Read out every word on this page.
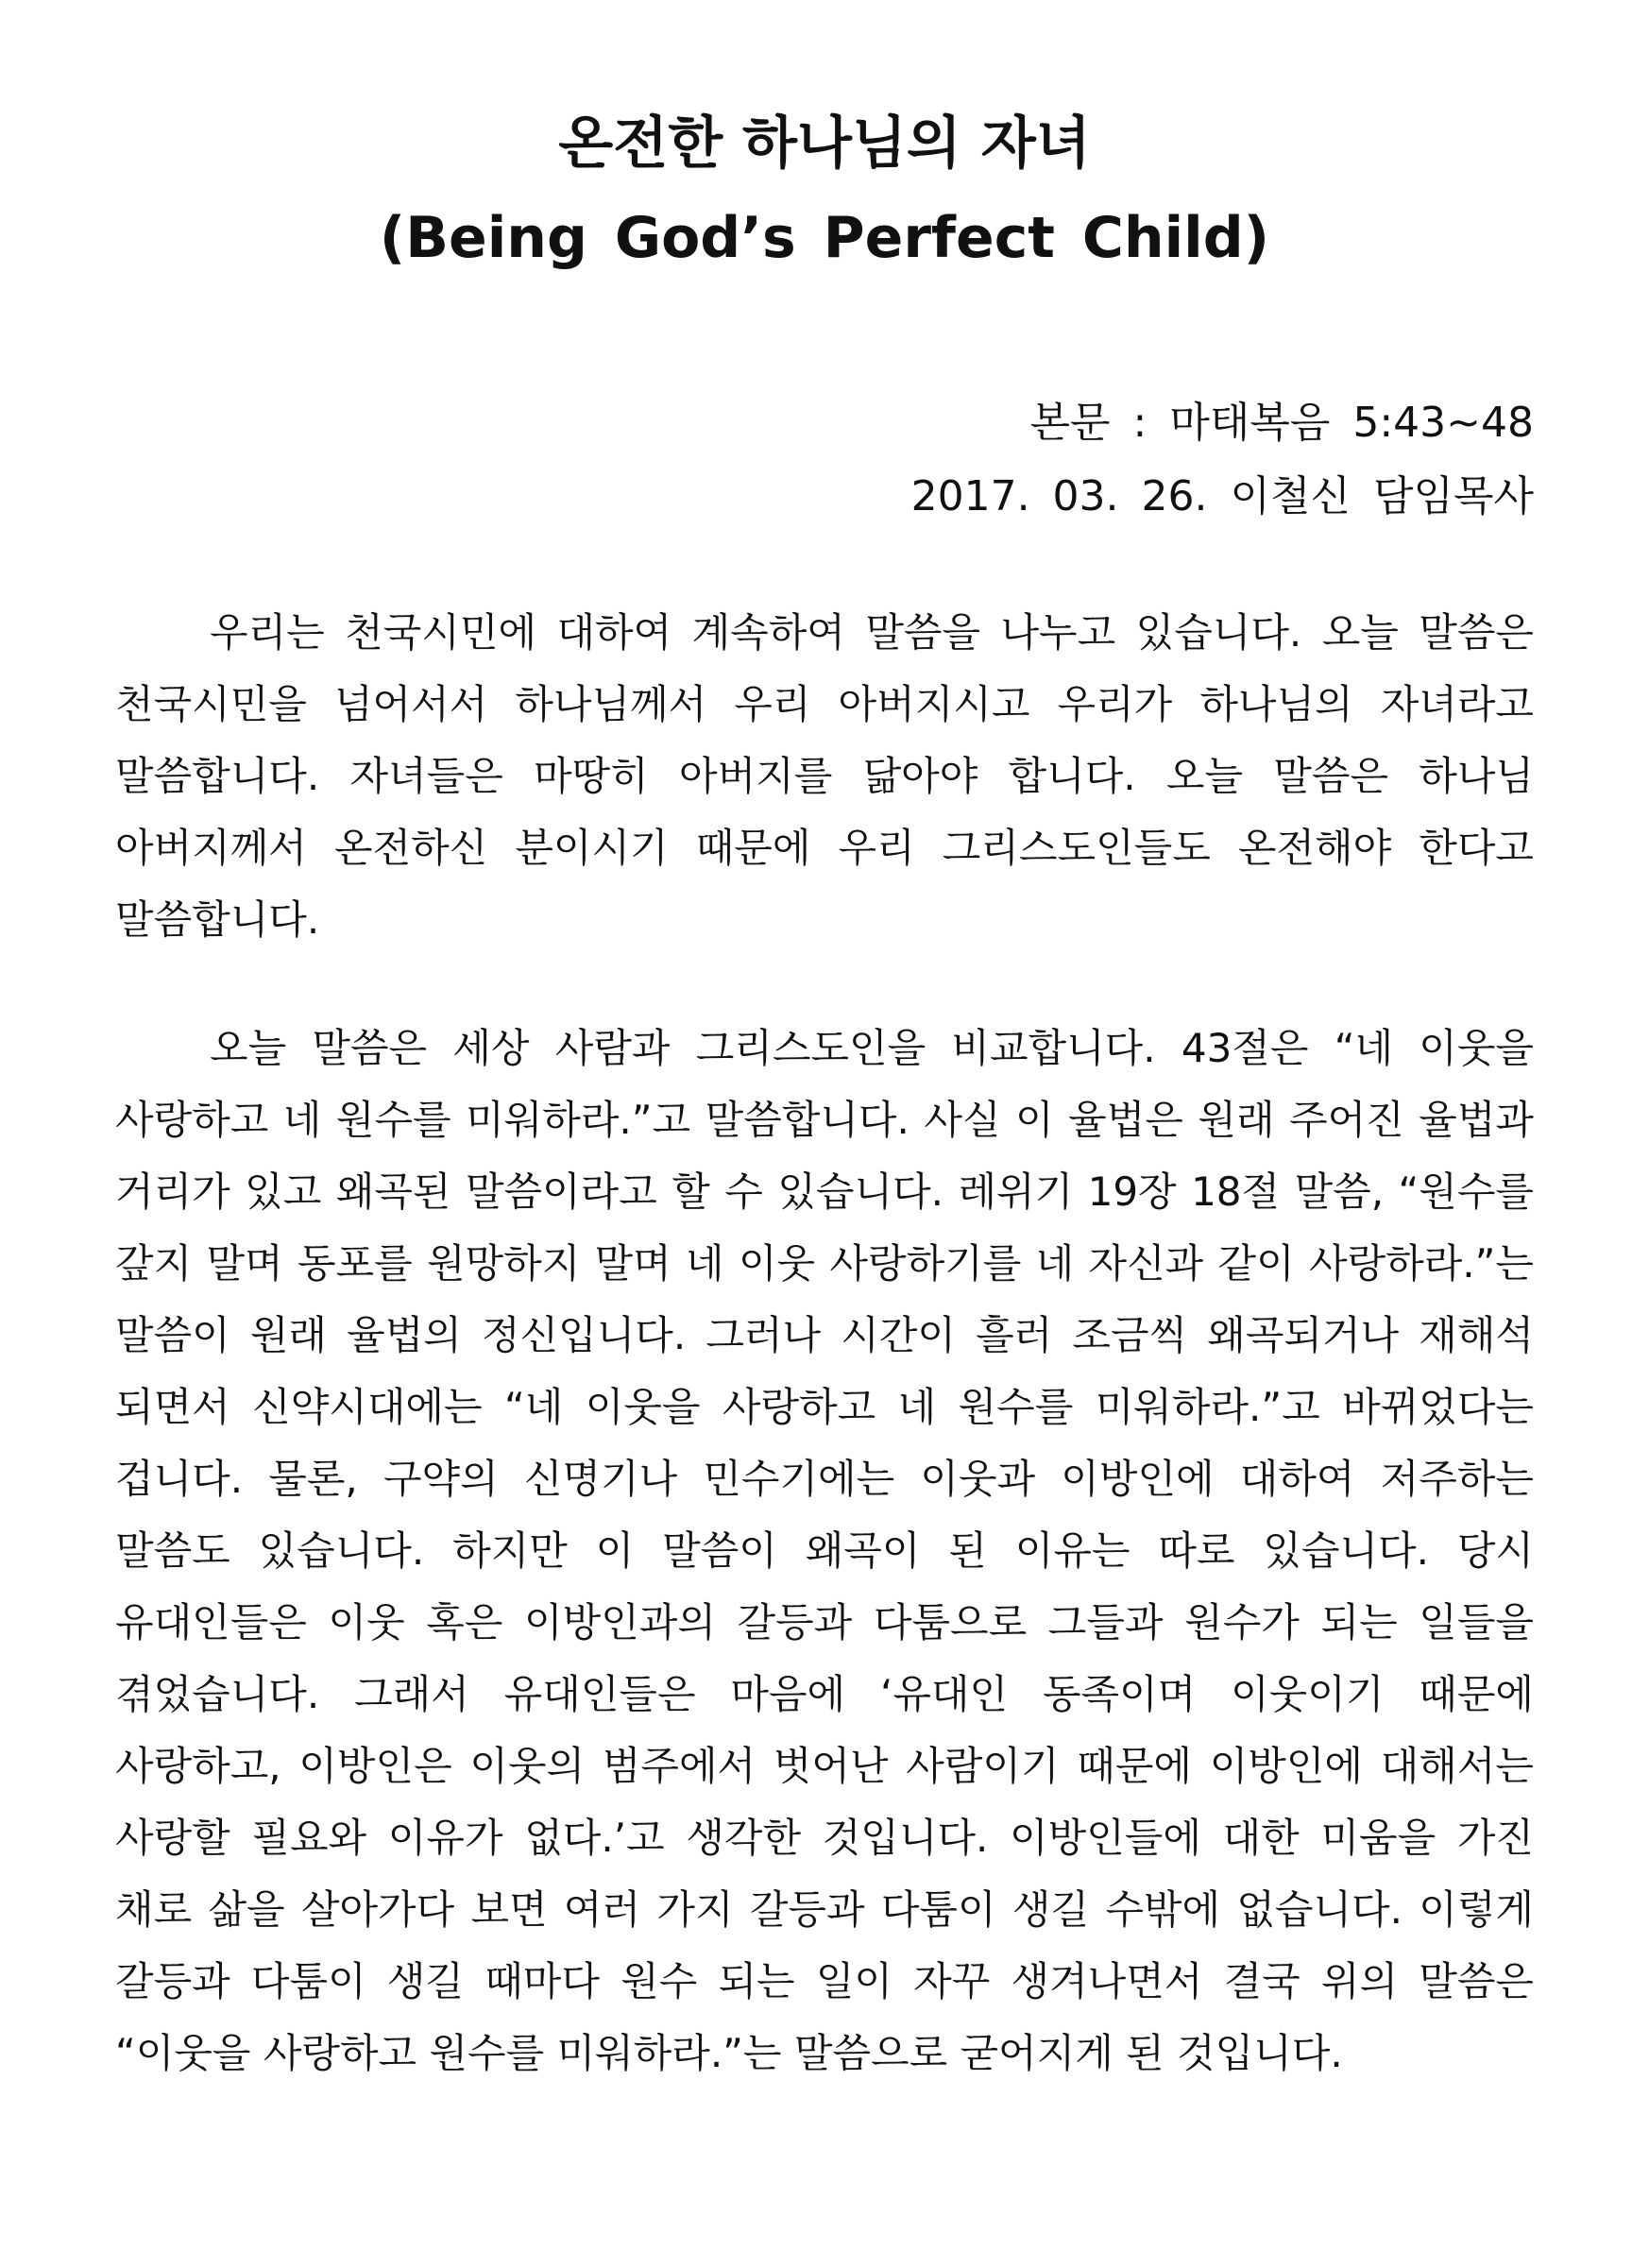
온전한 하나님의 자녀
(Being God’s Perfect Child)
본문 : 마태복음 5:43~48
2017. 03. 26. 이철신 담임목사

우리는 천국시민에 대하여 계속하여 말씀을 나누고 있습니다. 오늘 말씀은 천국시민을 넘어서서 하나님께서 우리 아버지시고 우리가 하나님의 자녀라고 말씀합니다. 자녀들은 마땅히 아버지를 닮아야 합니다. 오늘 말씀은 하나님 아버지께서 온전하신 분이시기 때문에 우리 그리스도인들도 온전해야 한다고 말씀합니다.

오늘 말씀은 세상 사람과 그리스도인을 비교합니다. 43절은 “네 이웃을 사랑하고 네 원수를 미워하라.”고 말씀합니다. 사실 이 율법은 원래 주어진 율법과 거리가 있고 왜곡된 말씀이라고 할 수 있습니다. 레위기 19장 18절 말씀, “원수를 갚지 말며 동포를 원망하지 말며 네 이웃 사랑하기를 네 자신과 같이 사랑하라.”는 말씀이 원래 율법의 정신입니다. 그러나 시간이 흘러 조금씩 왜곡되거나 재해석 되면서 신약시대에는 “네 이웃을 사랑하고 네 원수를 미워하라.”고 바뀌었다는 겁니다. 물론, 구약의 신명기나 민수기에는 이웃과 이방인에 대하여 저주하는 말씀도 있습니다. 하지만 이 말씀이 왜곡이 된 이유는 따로 있습니다. 당시 유대인들은 이웃 혹은 이방인과의 갈등과 다툼으로 그들과 원수가 되는 일들을 겪었습니다. 그래서 유대인들은 마음에 ‘유대인 동족이며 이웃이기 때문에 사랑하고, 이방인은 이웃의 범주에서 벗어난 사람이기 때문에 이방인에 대해서는 사랑할 필요와 이유가 없다.’고 생각한 것입니다. 이방인들에 대한 미움을 가진 채로 삶을 살아가다 보면 여러 가지 갈등과 다툼이 생길 수밖에 없습니다. 이렇게 갈등과 다툼이 생길 때마다 원수 되는 일이 자꾸 생겨나면서 결국 위의 말씀은 “이웃을 사랑하고 원수를 미워하라.”는 말씀으로 굳어지게 된 것입니다.
